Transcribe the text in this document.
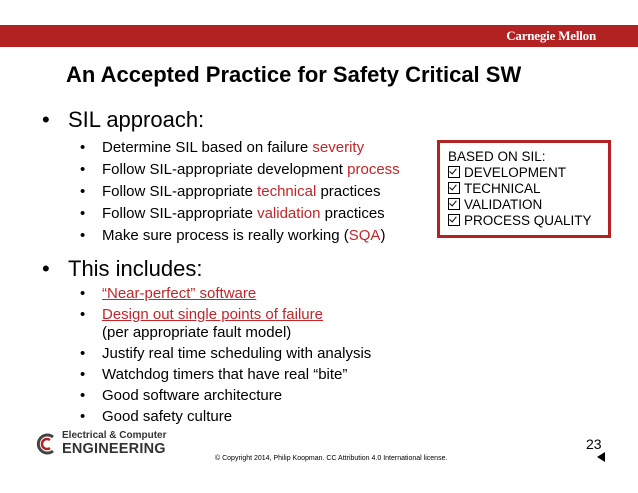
Carnegie Mellon
An Accepted Practice for Safety Critical SW
• SIL approach:
• Determine SIL based on failure severity
• Follow SIL-appropriate development process
• Follow SIL-appropriate technical practices
• Follow SIL-appropriate validation practices
• Make sure process is really working (SQA)
BASED ON SIL:
DEVELOPMENT
TECHNICAL
VALIDATION
PROCESS QUALITY
• This includes:
• “Near-perfect” software
• Design out single points of failure
(per appropriate fault model)
• Justify real time scheduling with analysis
• Watchdog timers that have real “bite”
• Good software architecture
• Good safety culture
Electrical & Computer
ENGINEERING
© Copyright 2014, Philip Koopman. CC Attribution 4.0 International license.
23
